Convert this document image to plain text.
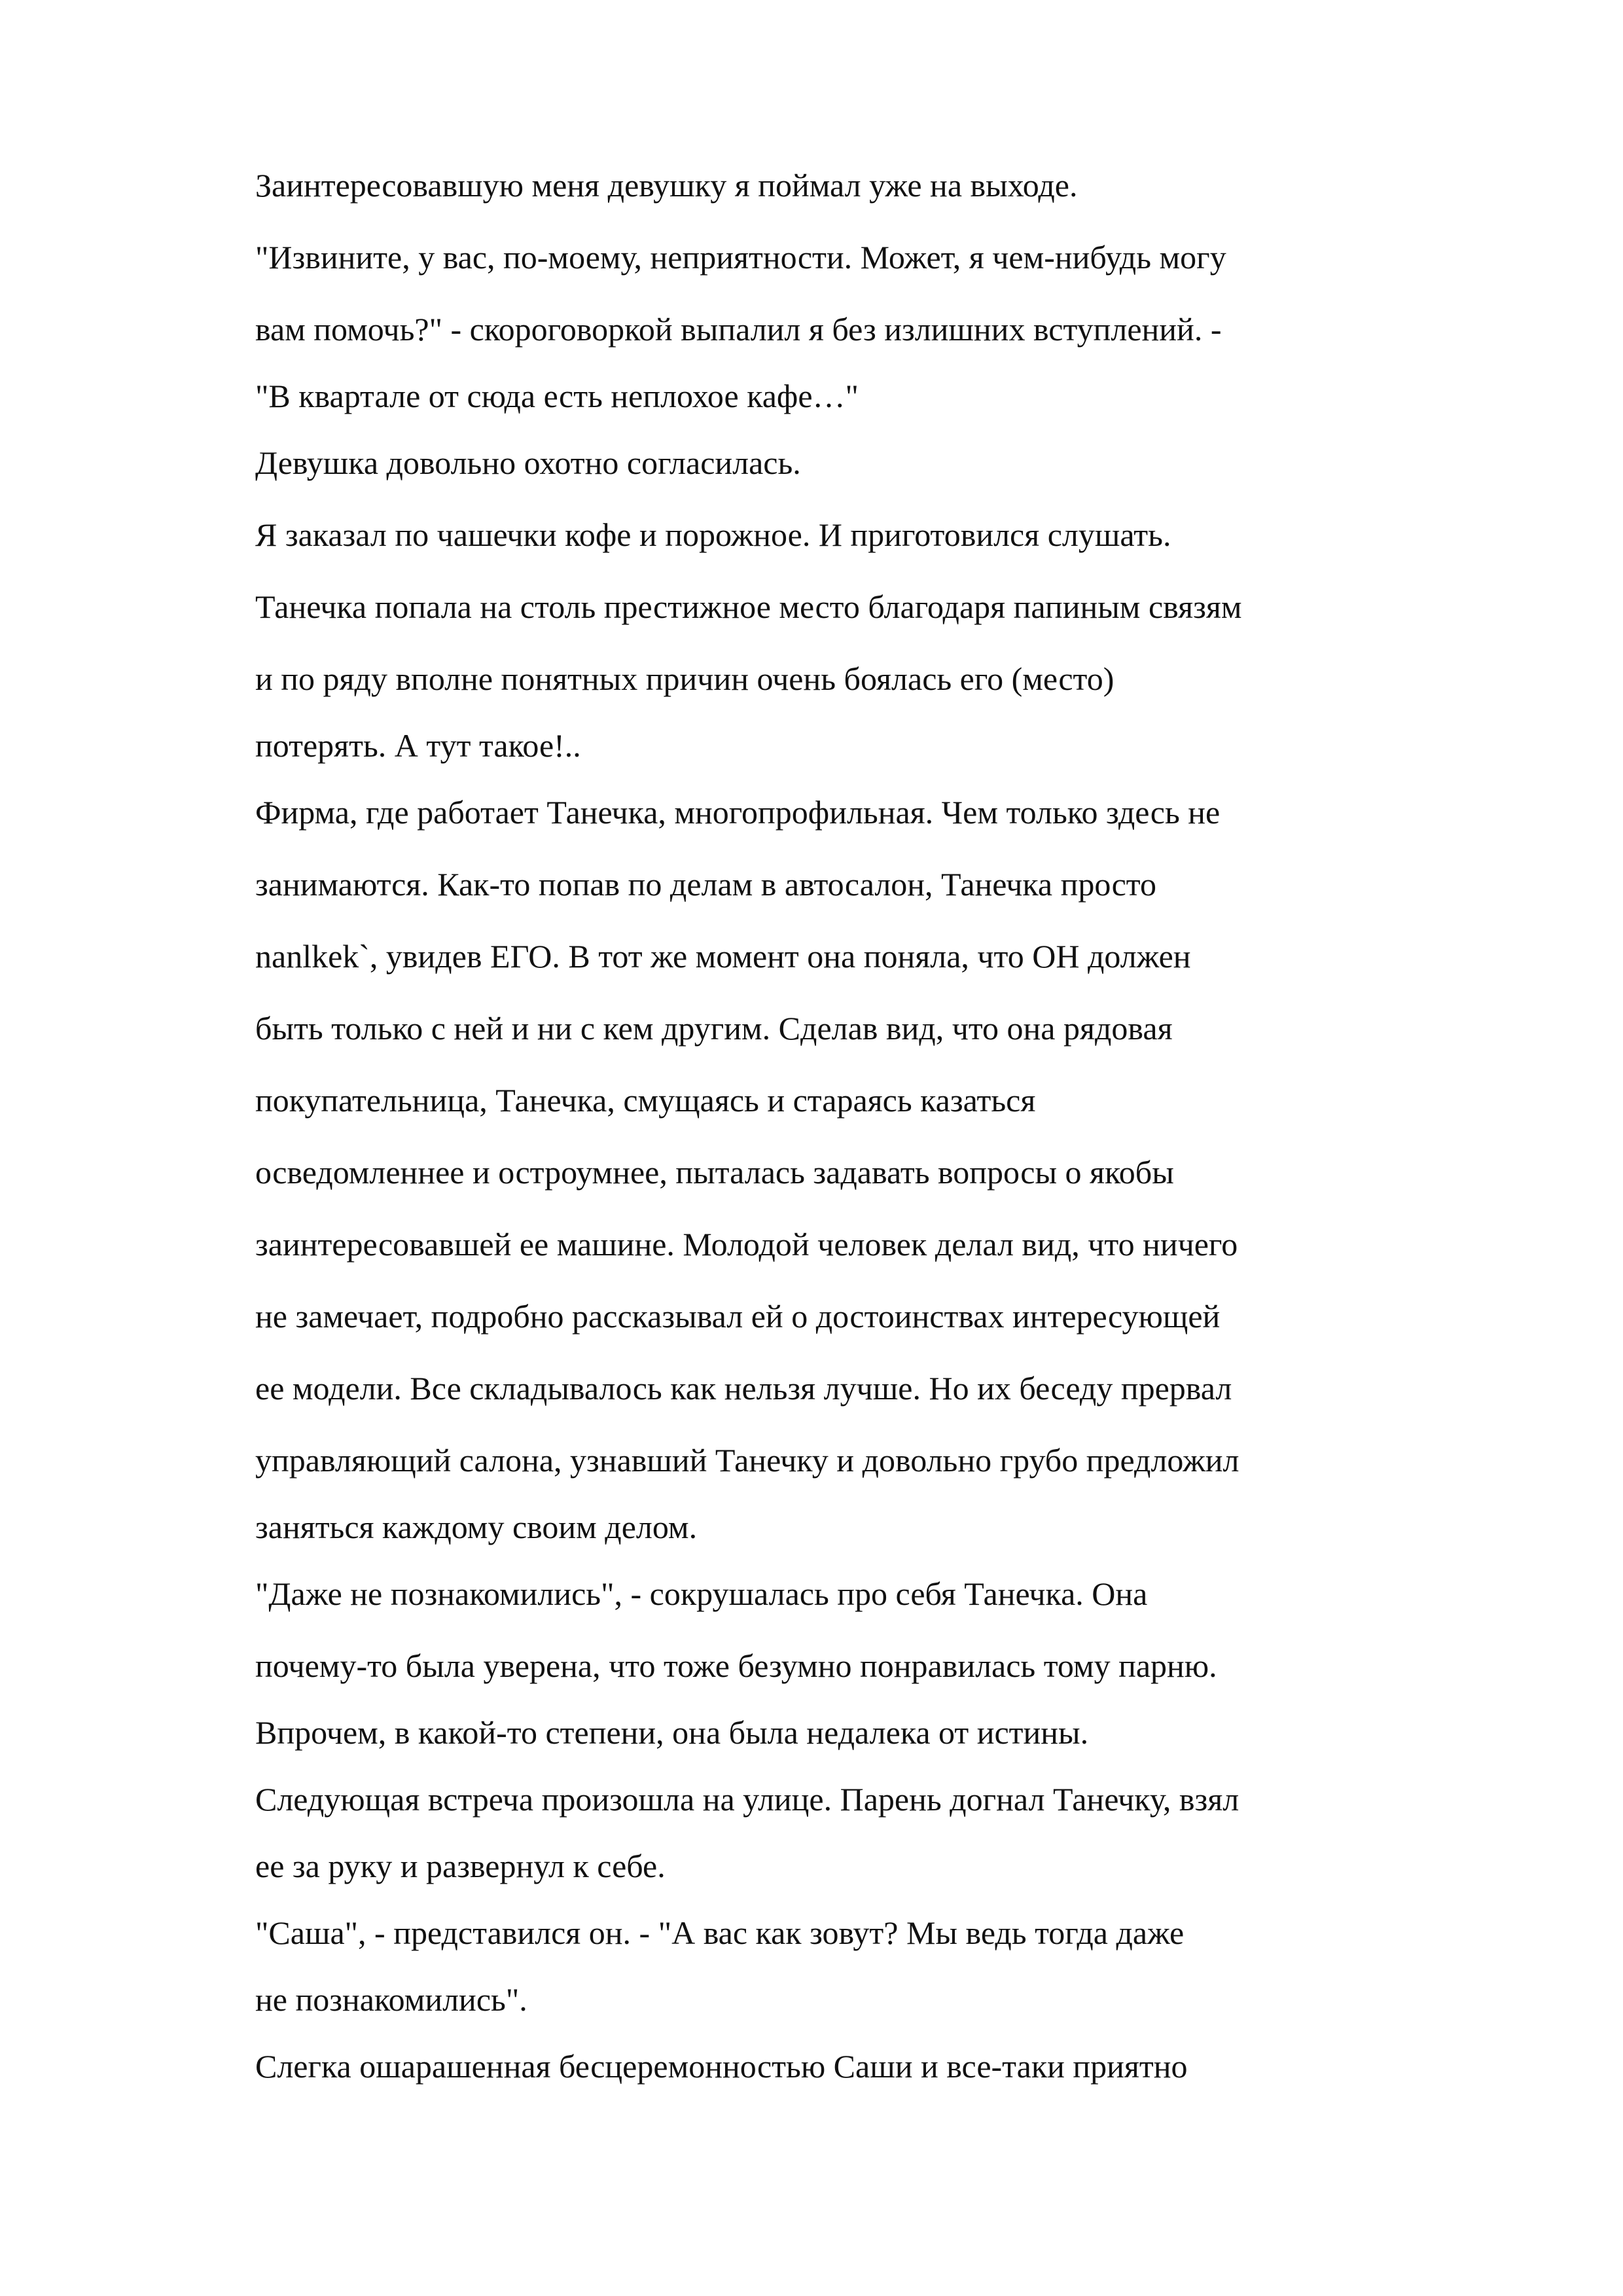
Заинтересовавшую меня девушку я поймал уже на выходе.
"Извините, у вас, по-моему, неприятности. Может, я чем-нибудь могу
вам помочь?" - скороговоркой выпалил я без излишних вступлений. -
"В квартале от сюда есть неплохое кафе…"
Девушка довольно охотно согласилась.
Я заказал по чашечки кофе и порожное. И приготовился слушать.
Танечка попала на столь престижное место благодаря папиным связям
и по ряду вполне понятных причин очень боялась его (место)
потерять. А тут такое!..
Фирма, где работает Танечка, многопрофильная. Чем только здесь не
занимаются. Как-то попав по делам в автосалон, Танечка просто
nanlkek`, увидев ЕГО. В тот же момент она поняла, что ОН должен
быть только с ней и ни с кем другим. Сделав вид, что она рядовая
покупательница, Танечка, смущаясь и стараясь казаться
осведомленнее и остроумнее, пыталась задавать вопросы о якобы
заинтересовавшей ее машине. Молодой человек делал вид, что ничего
не замечает, подробно рассказывал ей о достоинствах интересующей
ее модели. Все складывалось как нельзя лучше. Но их беседу прервал
управляющий салона, узнавший Танечку и довольно грубо предложил
заняться каждому своим делом.
"Даже не познакомились", - сокрушалась про себя Танечка. Она
почему-то была уверена, что тоже безумно понравилась тому парню.
Впрочем, в какой-то степени, она была недалека от истины.
Следующая встреча произошла на улице. Парень догнал Танечку, взял
ее за руку и развернул к себе.
"Саша", - представился он. - "А вас как зовут? Мы ведь тогда даже
не познакомились".
Слегка ошарашенная бесцеремонностью Саши и все-таки приятно
